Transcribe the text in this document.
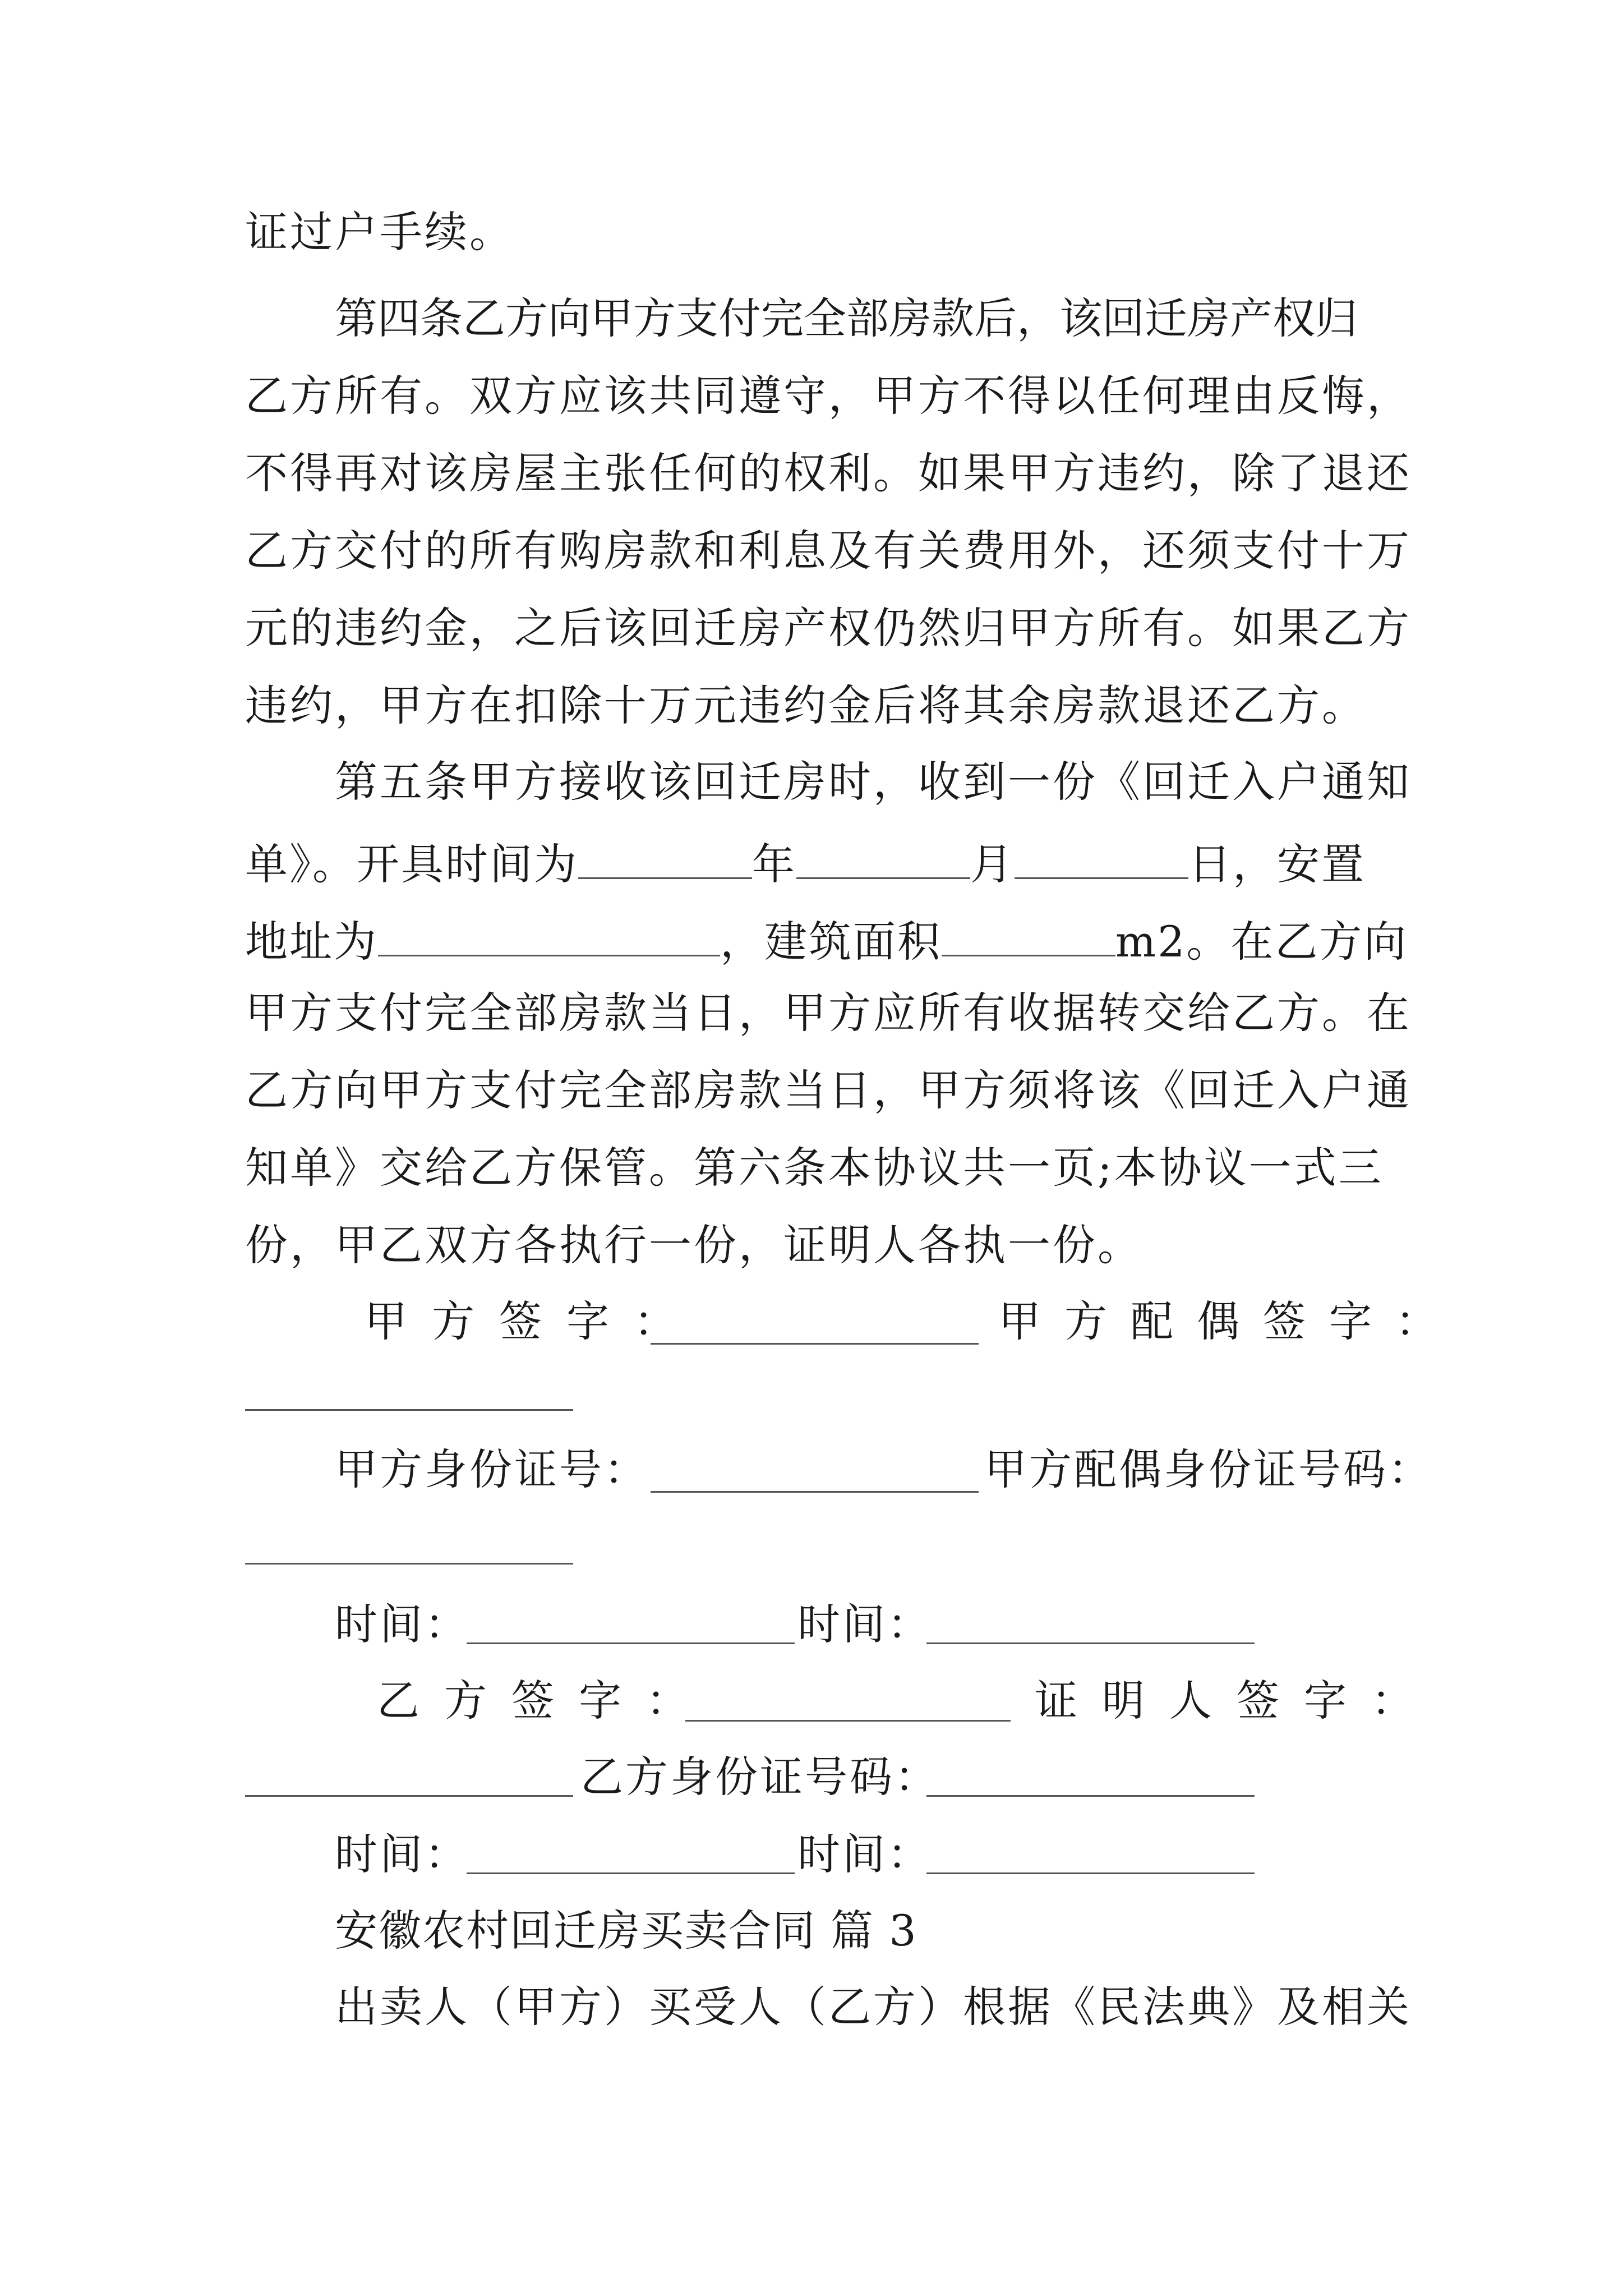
证过户手续。
第四条乙方向甲方支付完全部房款后，该回迁房产权归
乙方所有。双方应该共同遵守，甲方不得以任何理由反悔，
不得再对该房屋主张任何的权利。如果甲方违约，除了退还
乙方交付的所有购房款和利息及有关费用外，还须支付十万
元的违约金，之后该回迁房产权仍然归甲方所有。如果乙方
违约，甲方在扣除十万元违约金后将其余房款退还乙方。
第五条甲方接收该回迁房时，收到一份《回迁入户通知
单》。开具时间为	年	月	日，安置
地址为	，建筑面积	m2。在乙方向
甲方支付完全部房款当日，甲方应所有收据转交给乙方。在
乙方向甲方支付完全部房款当日，甲方须将该《回迁入户通
知单》交给乙方保管。第六条本协议共一页;本协议一式三
份，甲乙双方各执行一份，证明人各执一份。
甲方签字：	甲方配偶签字：
甲方身份证号：	甲方配偶身份证号码：
时间：	时间：
乙方签字：	证明人签字：
乙方身份证号码：
时间：	时间：
安徽农村回迁房买卖合同 篇 3
出卖人（甲方）买受人（乙方）根据《民法典》及相关
